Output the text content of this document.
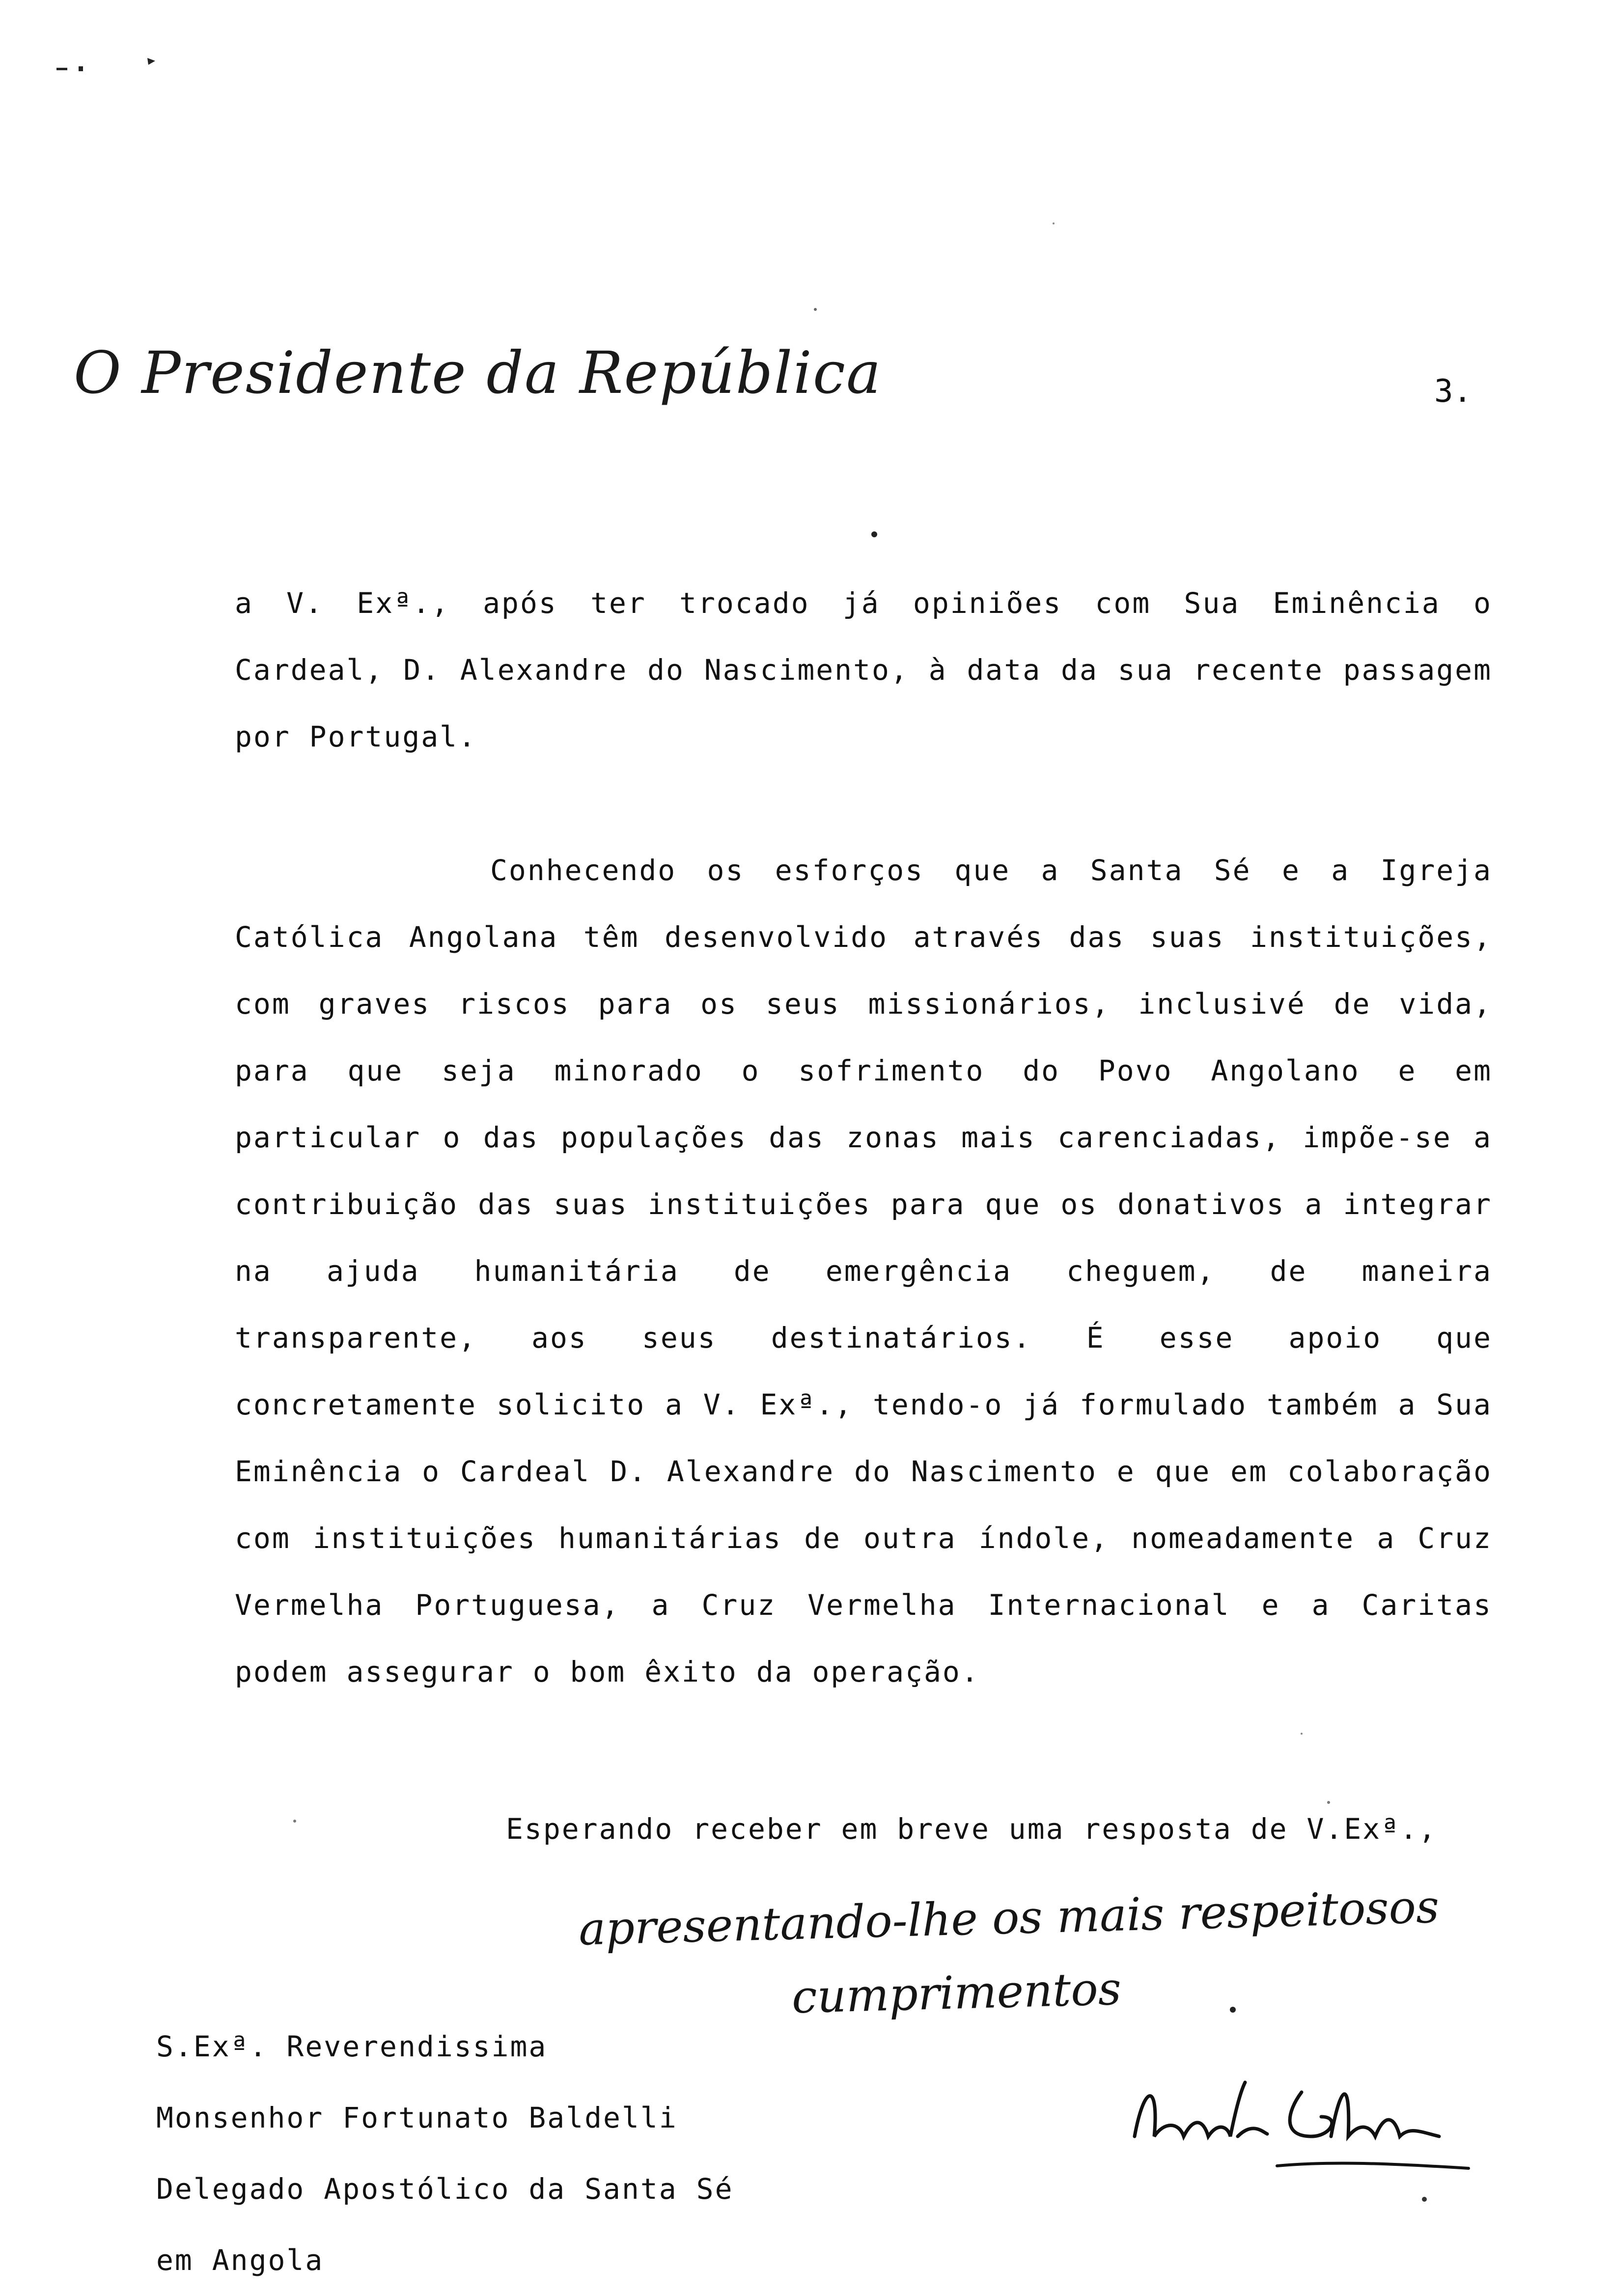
O Presidente da República	3.

a V. Exª., após ter trocado já opiniões com Sua Eminência o Cardeal, D. Alexandre do Nascimento, à data da sua recente passagem por Portugal.

Conhecendo os esforços que a Santa Sé e a Igreja Católica Angolana têm desenvolvido através das suas instituições, com graves riscos para os seus missionários, inclusivé de vida, para que seja minorado o sofrimento do Povo Angolano e em particular o das populações das zonas mais carenciadas, impõe-se a contribuição das suas instituições para que os donativos a integrar na ajuda humanitária de emergência cheguem, de maneira transparente, aos seus destinatários. É esse apoio que concretamente solicito a V. Exª., tendo-o já formulado também a Sua Eminência o Cardeal D. Alexandre do Nascimento e que em colaboração com instituições humanitárias de outra índole, nomeadamente a Cruz Vermelha Portuguesa, a Cruz Vermelha Internacional e a Caritas podem assegurar o bom êxito da operação.

Esperando receber em breve uma resposta de V.Exª.,
apresentando-lhe os mais respeitosos
cumprimentos
S.Exª. Reverendissima
Monsenhor Fortunato Baldelli
Delegado Apostólico da Santa Sé
em Angola
